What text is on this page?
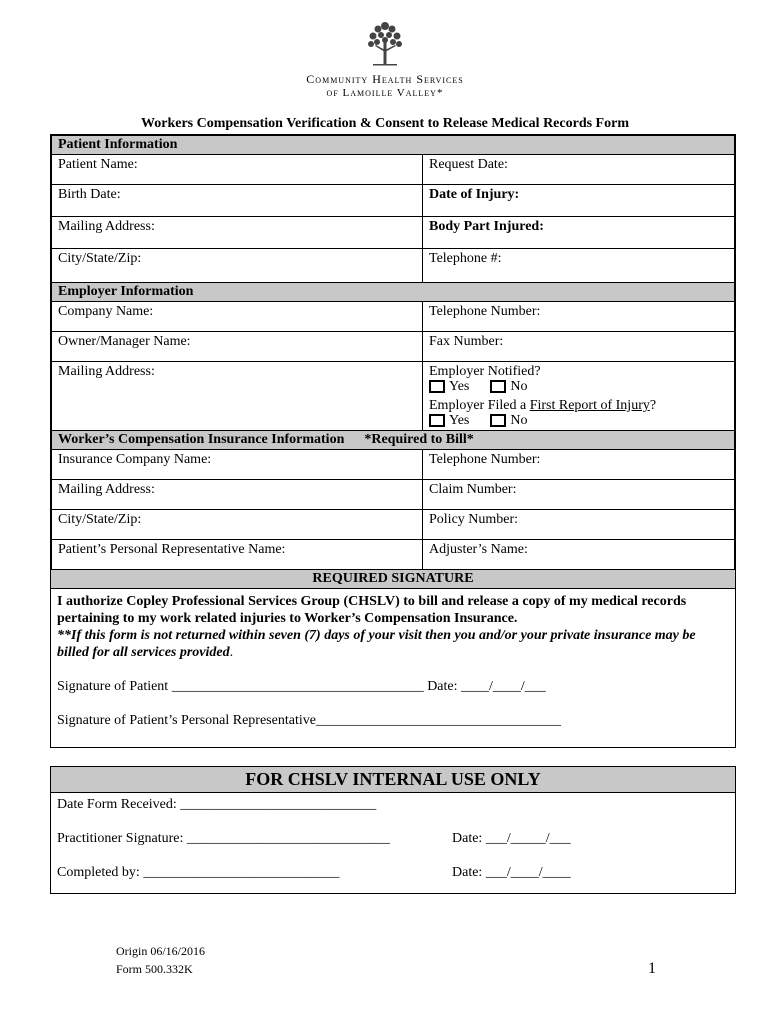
Community Health Services
of Lamoille Valley*
Workers Compensation Verification & Consent to Release Medical Records Form
Patient Information	
Patient Name:	Request Date:
Birth Date:	Date of Injury:
Mailing Address:	Body Part Injured:
City/State/Zip:	Telephone #:
Employer Information	
Company Name:	Telephone Number:
Owner/Manager Name:	Fax Number:
Mailing Address:	Employer Notified?
Yes No
Employer Filed a First Report of Injury?
Yes No

Worker’s Compensation Insurance Information *Required to Bill*	
Insurance Company Name:	Telephone Number:
Mailing Address:	Claim Number:
City/State/Zip:	Policy Number:
Patient’s Personal Representative Name:	Adjuster’s Name:
REQUIRED SIGNATURE
I authorize Copley Professional Services Group (CHSLV) to bill and release a copy of my medical records pertaining to my work related injuries to Worker’s Compensation Insurance.
**If this form is not returned within seven (7) days of your visit then you and/or your private insurance may be billed for all services provided.
Signature of Patient ____________________________________ Date: ____/____/___
Signature of Patient’s Personal Representative___________________________________
FOR CHSLV INTERNAL USE ONLY
Date Form Received: ____________________________
Practitioner Signature: _____________________________	Date: ___/_____/___
Completed by: ____________________________	Date: ___/____/____
Origin 06/16/2016
Form 500.332K	1
